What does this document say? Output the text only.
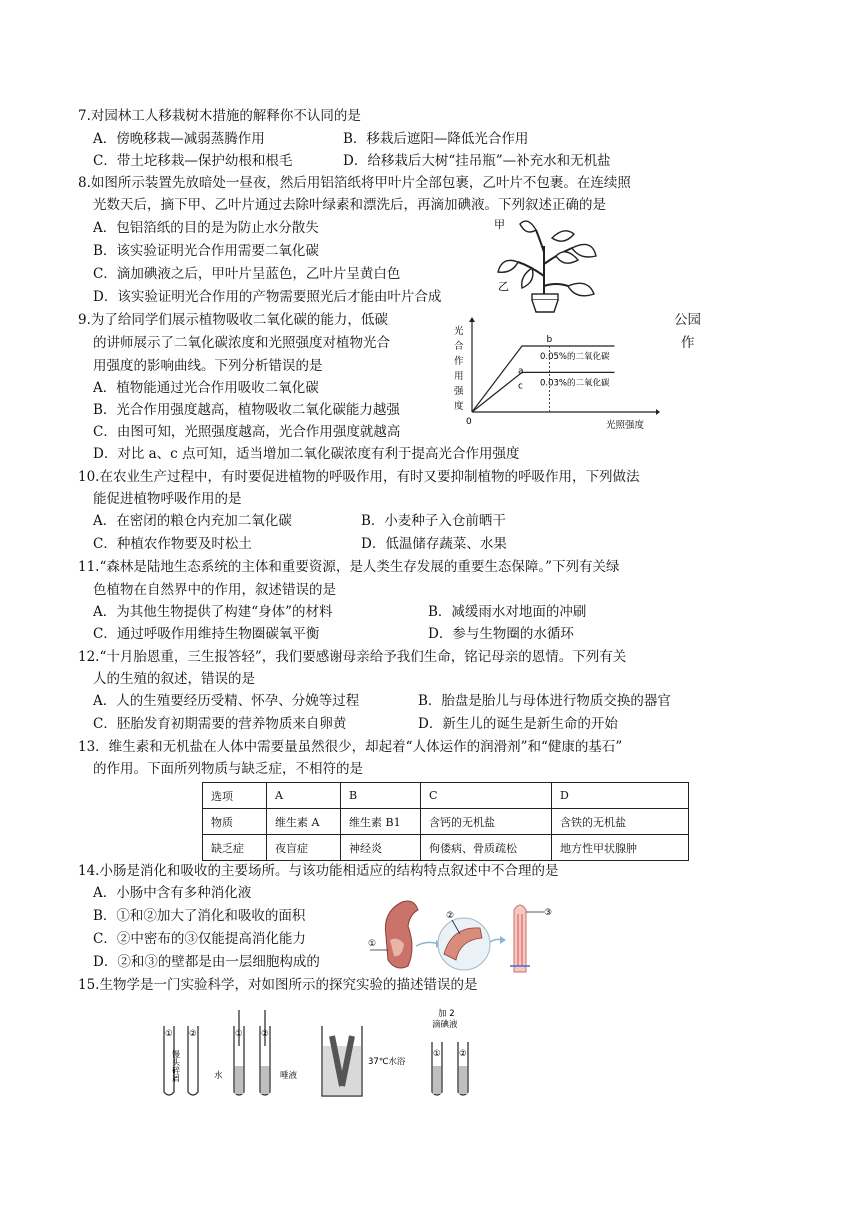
7.对园林工人移栽树木措施的解释你不认同的是
A．傍晚移栽—减弱蒸腾作用	B．移栽后遮阳—降低光合作用
C．带土坨移栽—保护幼根和根毛	D．给移栽后大树“挂吊瓶”—补充水和无机盐
8.如图所示装置先放暗处一昼夜，然后用铝箔纸将甲叶片全部包裹，乙叶片不包裹。在连续照
光数天后，摘下甲、乙叶片通过去除叶绿素和漂洗后，再滴加碘液。下列叙述正确的是
A．包铝箔纸的目的是为防止水分散失
B．该实验证明光合作用需要二氧化碳
C．滴加碘液之后，甲叶片呈蓝色，乙叶片呈黄白色
D．该实验证明光合作用的产物需要照光后才能由叶片合成
甲
乙
9.为了给同学们展示植物吸收二氧化碳的能力，低碳	公园
的讲师展示了二氧化碳浓度和光照强度对植物光合	作
用强度的影响曲线。下列分析错误的是
A．植物能通过光合作用吸收二氧化碳
B．光合作用强度越高，植物吸收二氧化碳能力越强
C．由图可知，光照强度越高，光合作用强度就越高
D．对比 a、c 点可知，适当增加二氧化碳浓度有利于提高光合作用强度
光
合
作
用
强
度
光照强度
0
0.05%的二氧化碳
0.03%的二氧化碳
a
b
c
10.在农业生产过程中，有时要促进植物的呼吸作用，有时又要抑制植物的呼吸作用，下列做法
能促进植物呼吸作用的是
A．在密闭的粮仓内充加二氧化碳	B．小麦种子入仓前晒干
C．种植农作物要及时松土	D．低温储存蔬菜、水果
11.“森林是陆地生态系统的主体和重要资源，是人类生存发展的重要生态保障。”下列有关绿
色植物在自然界中的作用，叙述错误的是
A．为其他生物提供了构建“身体”的材料	B．减缓雨水对地面的冲刷
C．通过呼吸作用维持生物圈碳氧平衡	D．参与生物圈的水循环
12.“十月胎恩重，三生报答轻”，我们要感谢母亲给予我们生命，铭记母亲的恩情。下列有关
人的生殖的叙述，错误的是
A．人的生殖要经历受精、怀孕、分娩等过程	B．胎盘是胎儿与母体进行物质交换的器官
C．胚胎发育初期需要的营养物质来自卵黄	D．新生儿的诞生是新生命的开始
13．维生素和无机盐在人体中需要量虽然很少，却起着“人体运作的润滑剂”和“健康的基石”
的作用。下面所列物质与缺乏症，不相符的是
选项	A	B	C	D
物质	维生素 A	维生素 B1	含钙的无机盐	含铁的无机盐
缺乏症	夜盲症	神经炎	佝偻病、骨质疏松	地方性甲状腺肿
14.小肠是消化和吸收的主要场所。与该功能相适应的结构特点叙述中不合理的是
A．小肠中含有多种消化液
B．①和②加大了消化和吸收的面积
C．②中密布的③仅能提高消化能力
D．②和③的壁都是由一层细胞构成的
①
②	③
15.生物学是一门实验科学，对如图所示的探究实验的描述错误的是
① ②
馒头碎屑
① ②
水	唾液
37℃水浴
① ②
加 2
滴碘液
